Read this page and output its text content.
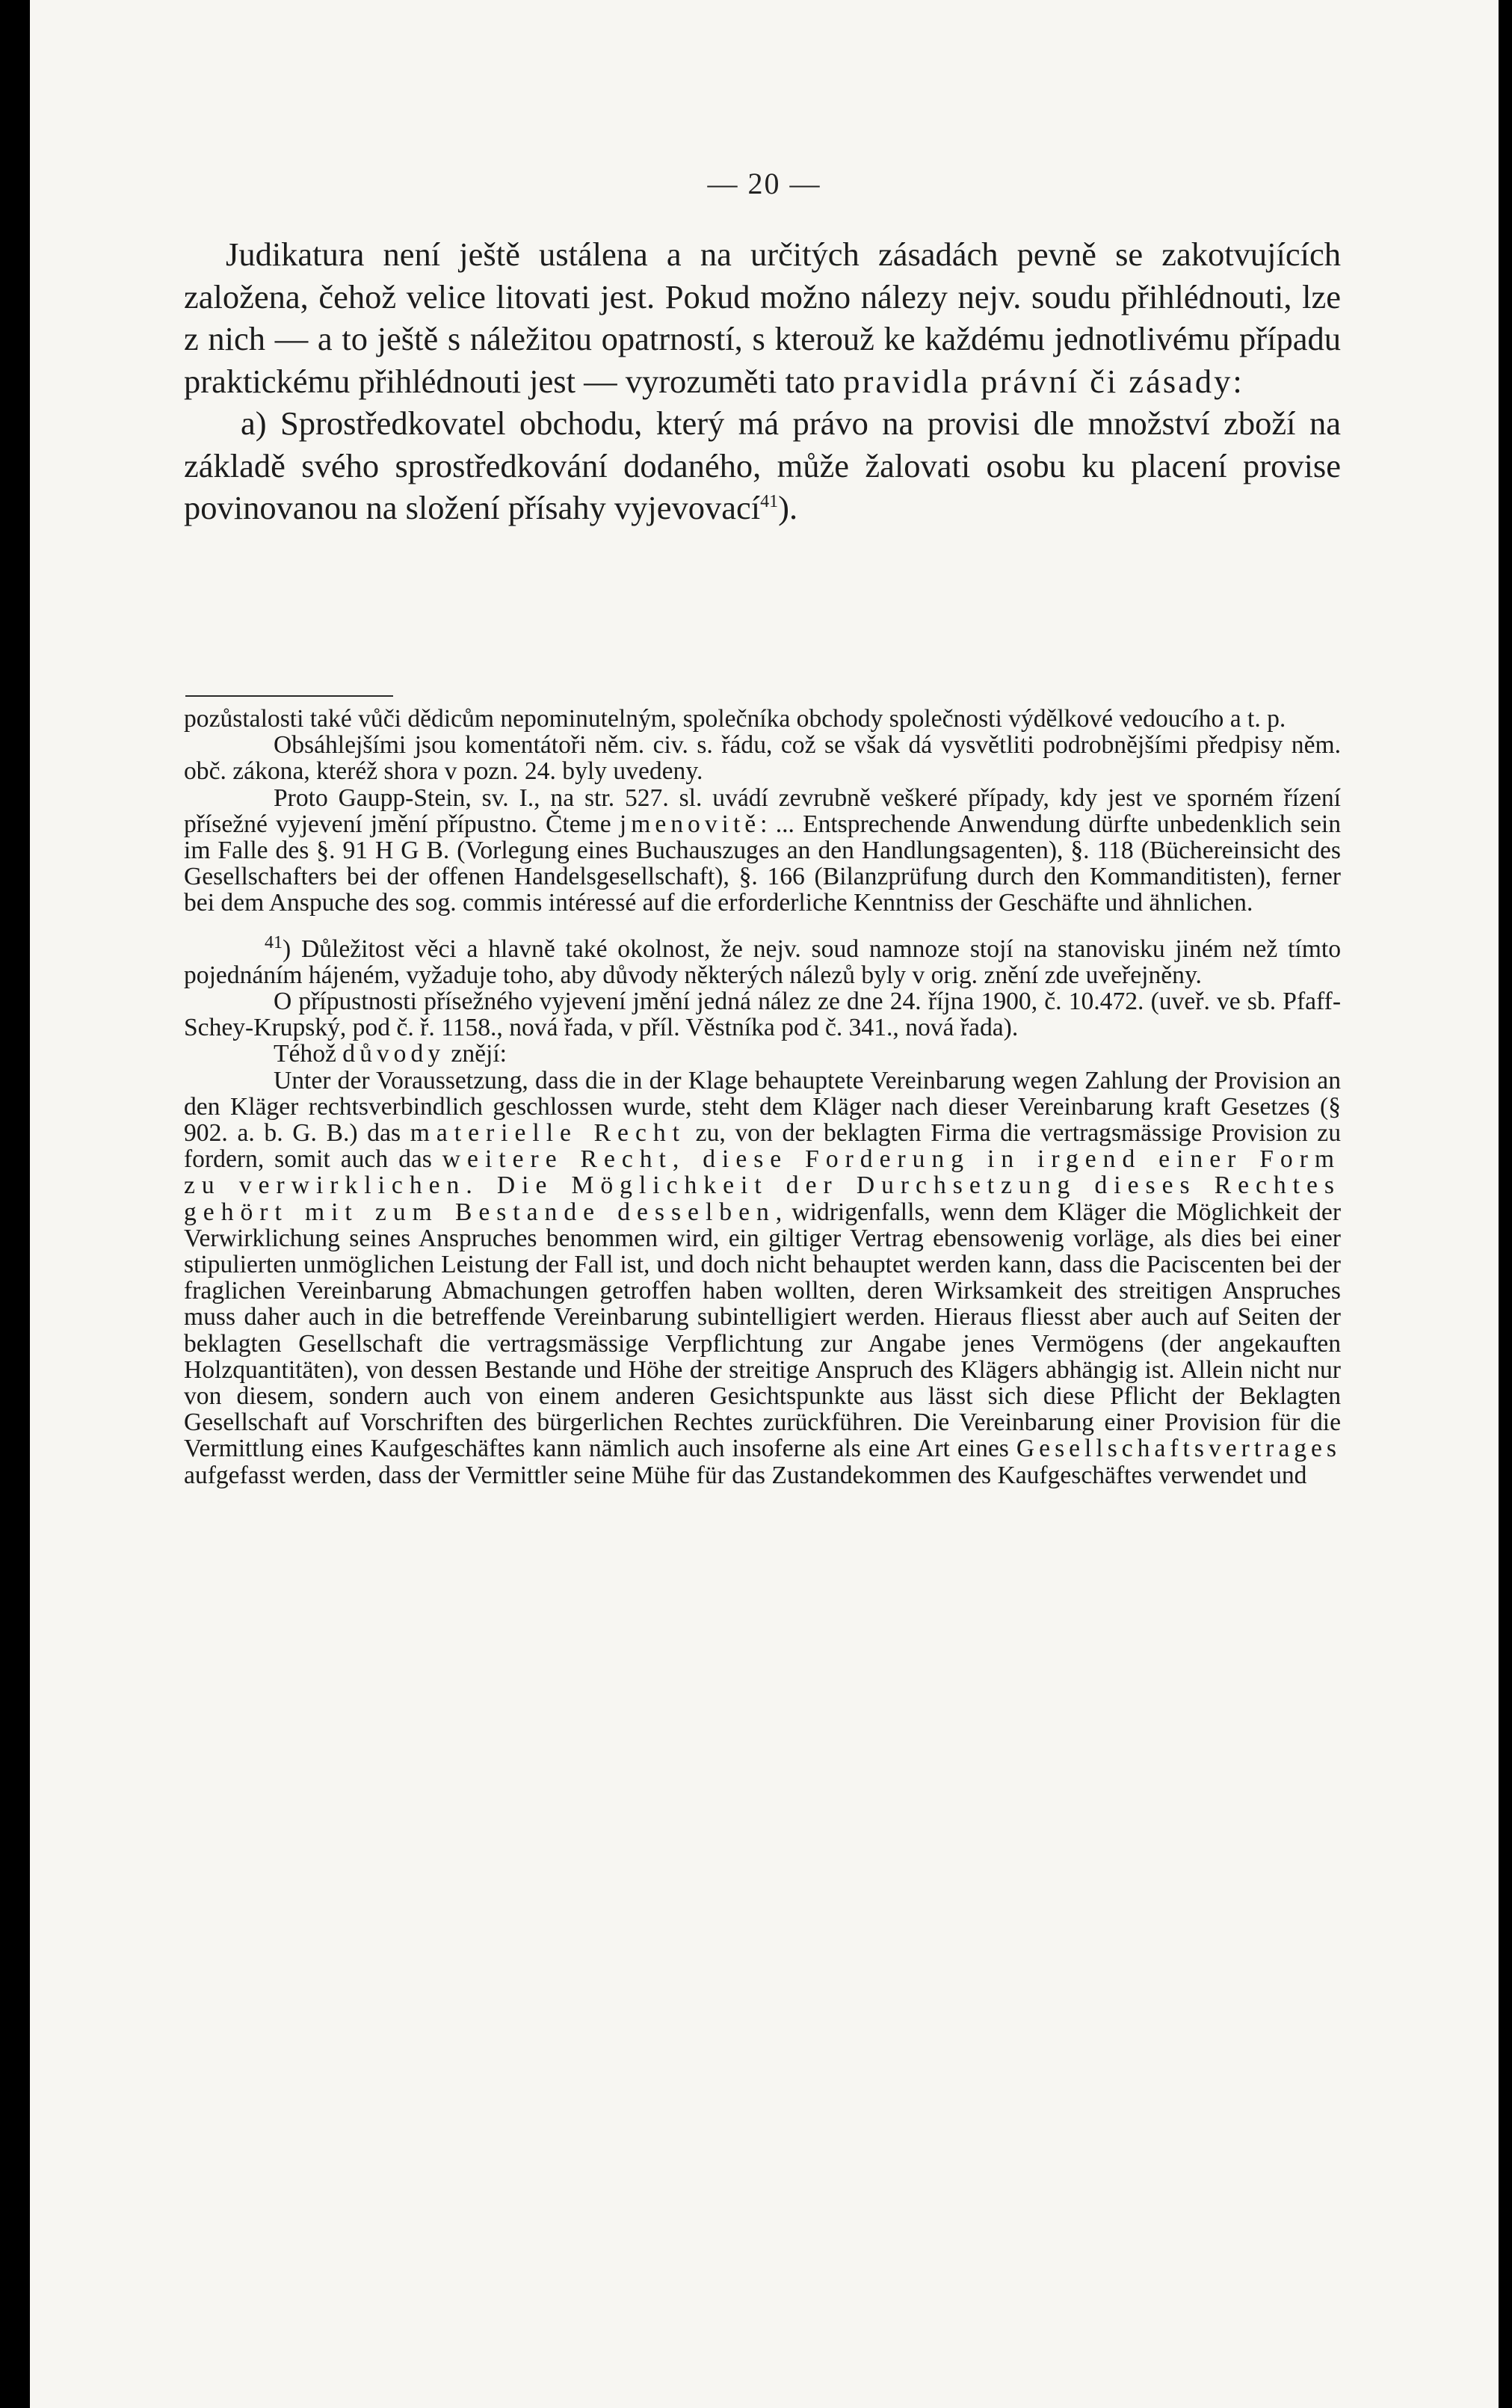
— 20 —

Judikatura není ještě ustálena a na určitých zásadách pevně se zakotvujících založena, čehož velice litovati jest. Pokud možno nálezy nejv. soudu přihlédnouti, lze z nich — a to ještě s náležitou opatrností, s kterouž ke každému jednotlivému případu praktickému přihlédnouti jest — vyrozuměti tato pravidla právní či zásady:

a) Sprostředkovatel obchodu, který má právo na provisi dle množství zboží na základě svého sprostředkování dodaného, může žalovati osobu ku placení provise povinovanou na složení přísahy vyjevovací$^{41}$).

pozůstalosti také vůči dědicům nepominutelným, společníka obchody společnosti výdělkové vedoucího a t. p.

Obsáhlejšími jsou komentátoři něm. civ. s. řádu, což se však dá vysvětliti podrobnějšími předpisy něm. obč. zákona, kteréž shora v pozn. 24. byly uvedeny.

Proto Gaupp-Stein, sv. I., na str. 527. sl. uvádí zevrubně veškeré případy, kdy jest ve sporném řízení přísežné vyjevení jmění přípustno. Čteme jmenovitě: ... Entsprechende Anwendung dürfte unbedenklich sein im Falle des §. 91 H G B. (Vorlegung eines Buchauszuges an den Handlungsagenten), §. 118 (Büchereinsicht des Gesellschafters bei der offenen Handelsgesellschaft), §. 166 (Bilanzprüfung durch den Kommanditisten), ferner bei dem Anspuche des sog. commis intéressé auf die erforderliche Kenntniss der Geschäfte und ähnlichen.

$^{41}$) Důležitost věci a hlavně také okolnost, že nejv. soud namnoze stojí na stanovisku jiném než tímto pojednáním hájeném, vyžaduje toho, aby důvody některých nálezů byly v orig. znění zde uveřejněny.

O přípustnosti přísežného vyjevení jmění jedná nález ze dne 24. října 1900, č. 10.472. (uveř. ve sb. Pfaff-Schey-Krupský, pod č. ř. 1158., nová řada, v příl. Věstníka pod č. 341., nová řada).

Téhož důvody znějí:

Unter der Voraussetzung, dass die in der Klage behauptete Vereinbarung wegen Zahlung der Provision an den Kläger rechtsverbindlich geschlossen wurde, steht dem Kläger nach dieser Vereinbarung kraft Gesetzes (§ 902. a. b. G. B.) das materielle Recht zu, von der beklagten Firma die vertragsmässige Provision zu fordern, somit auch das weitere Recht, diese Forderung in irgend einer Form zu verwirklichen. Die Möglichkeit der Durchsetzung dieses Rechtes gehört mit zum Bestande desselben, widrigenfalls, wenn dem Kläger die Möglichkeit der Verwirklichung seines Anspruches benommen wird, ein giltiger Vertrag ebensowenig vorläge, als dies bei einer stipulierten unmöglichen Leistung der Fall ist, und doch nicht behauptet werden kann, dass die Paciscenten bei der fraglichen Vereinbarung Abmachungen getroffen haben wollten, deren Wirksamkeit des streitigen Anspruches muss daher auch in die betreffende Vereinbarung subintelligiert werden. Hieraus fliesst aber auch auf Seiten der beklagten Gesellschaft die vertragsmässige Verpflichtung zur Angabe jenes Vermögens (der angekauften Holzquantitäten), von dessen Bestande und Höhe der streitige Anspruch des Klägers abhängig ist. Allein nicht nur von diesem, sondern auch von einem anderen Gesichtspunkte aus lässt sich diese Pflicht der Beklagten Gesellschaft auf Vorschriften des bürgerlichen Rechtes zurückführen. Die Vereinbarung einer Provision für die Vermittlung eines Kaufgeschäftes kann nämlich auch insoferne als eine Art eines Gesellschaftsvertrages aufgefasst werden, dass der Vermittler seine Mühe für das Zustandekommen des Kaufgeschäftes verwendet und
